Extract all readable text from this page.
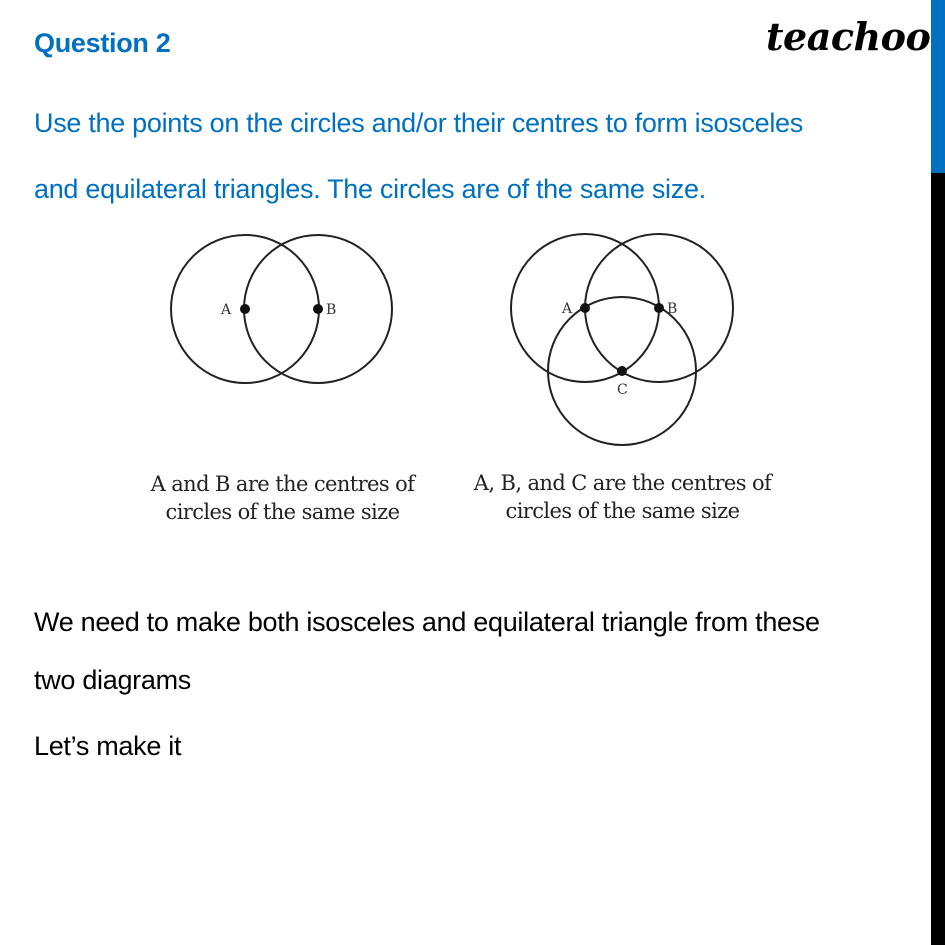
Question 2	teachoo
Use the points on the circles and/or their centres to form isosceles
and equilateral triangles. The circles are of the same size.
A	B	A	B
C
A and B are the centres of
circles of the same size
A, B, and C are the centres of
circles of the same size
We need to make both isosceles and equilateral triangle from these
two diagrams
Let’s make it
